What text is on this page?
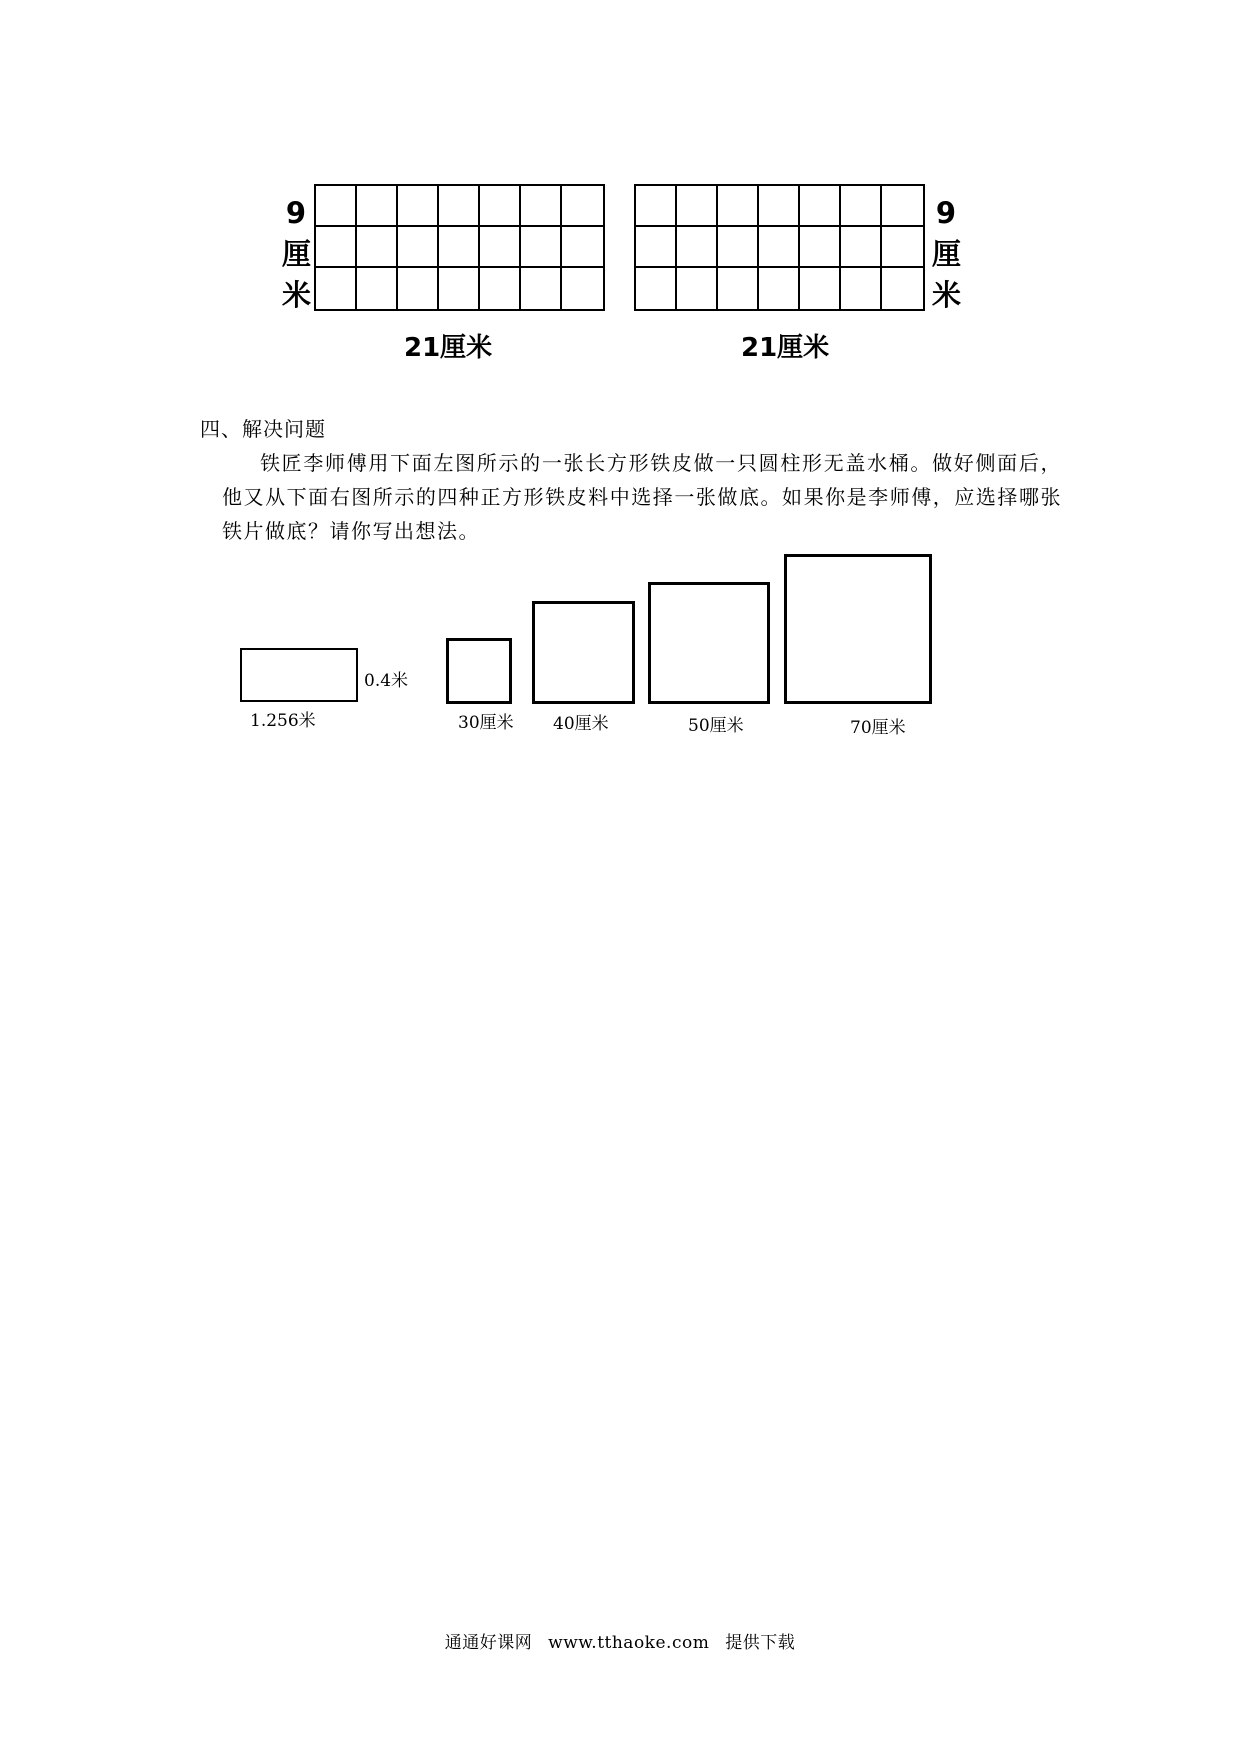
9
厘
米
21厘米
9
厘
米
21厘米
四、解决问题
铁匠李师傅用下面左图所示的一张长方形铁皮做一只圆柱形无盖水桶。做好侧面后，他又从下面右图所示的四种正方形铁皮料中选择一张做底。如果你是李师傅，应选择哪张铁片做底？请你写出想法。
0.4米
1.256米	30厘米 40厘米	50厘米	70厘米
通通好课网 www.tthaoke.com 提供下载
